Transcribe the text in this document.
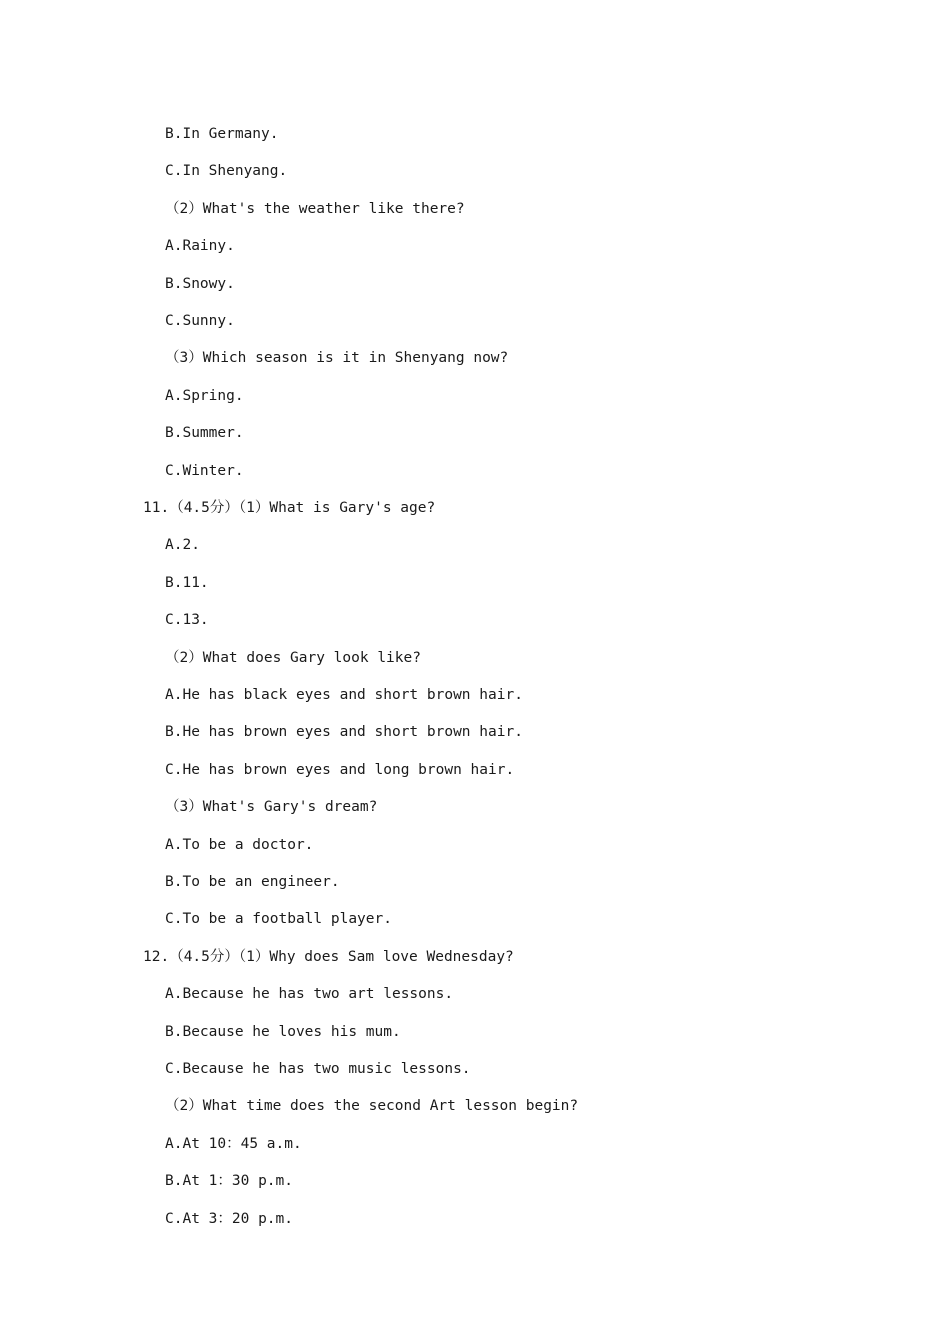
B.In Germany.
C.In Shenyang.
（2）What's the weather like there?
A.Rainy.
B.Snowy.
C.Sunny.
（3）Which season is it in Shenyang now?
A.Spring.
B.Summer.
C.Winter.
11.（4.5分）（1）What is Gary's age?
A.2.
B.11.
C.13.
（2）What does Gary look like?
A.He has black eyes and short brown hair.
B.He has brown eyes and short brown hair.
C.He has brown eyes and long brown hair.
（3）What's Gary's dream?
A.To be a doctor.
B.To be an engineer.
C.To be a football player.
12.（4.5分）（1）Why does Sam love Wednesday?
A.Because he has two art lessons.
B.Because he loves his mum.
C.Because he has two music lessons.
（2）What time does the second Art lesson begin?
A.At 10：45 a.m.
B.At 1：30 p.m.
C.At 3：20 p.m.
